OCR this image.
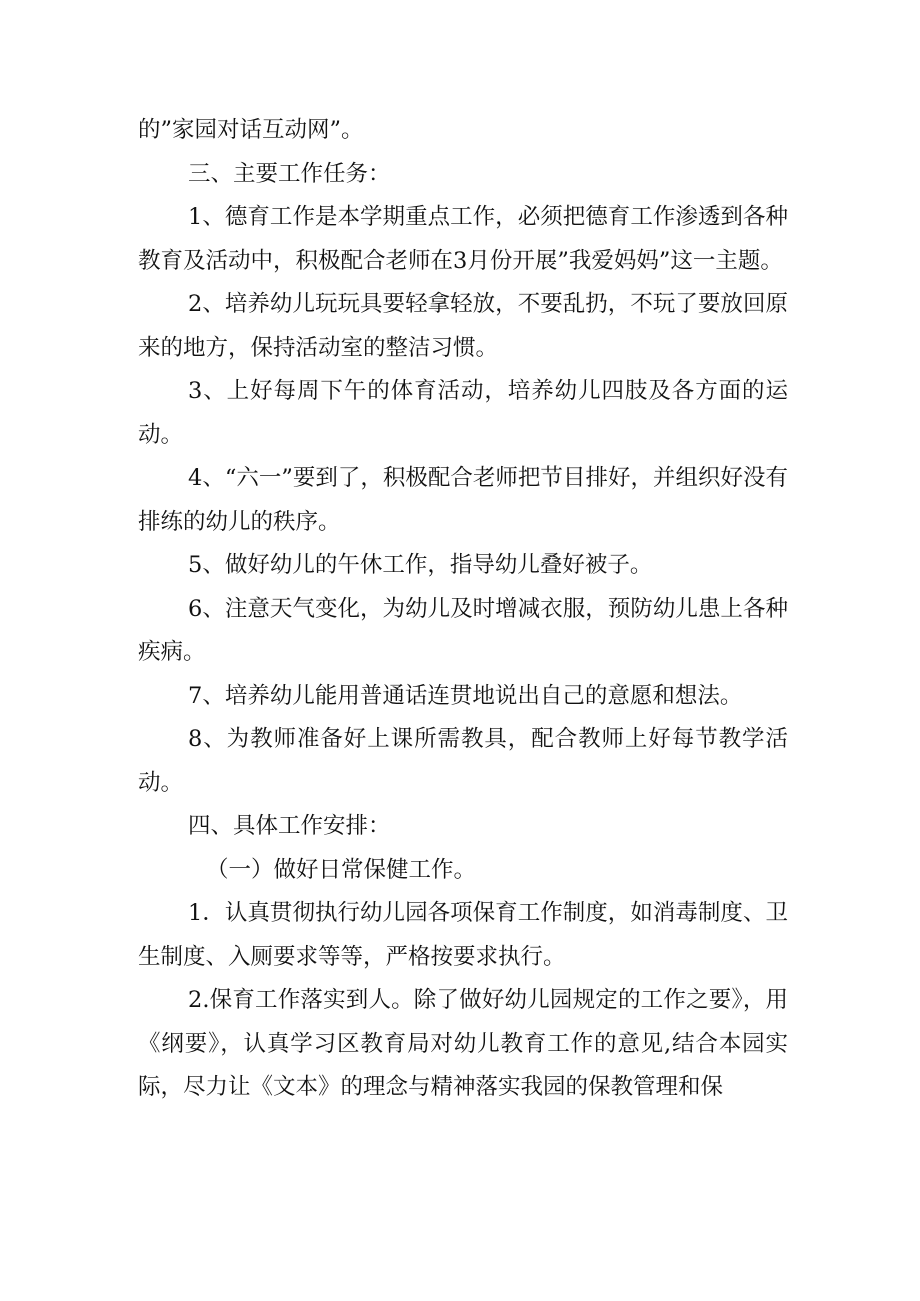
的”家园对话互动网”。

三、主要工作任务：

1、德育工作是本学期重点工作，必须把德育工作渗透到各种教育及活动中，积极配合老师在3月份开展”我爱妈妈”这一主题。

2、培养幼儿玩玩具要轻拿轻放，不要乱扔，不玩了要放回原来的地方，保持活动室的整洁习惯。

3、上好每周下午的体育活动，培养幼儿四肢及各方面的运动。

4、“六一”要到了，积极配合老师把节目排好，并组织好没有排练的幼儿的秩序。

5、做好幼儿的午休工作，指导幼儿叠好被子。

6、注意天气变化，为幼儿及时增减衣服，预防幼儿患上各种疾病。

7、培养幼儿能用普通话连贯地说出自己的意愿和想法。

8、为教师准备好上课所需教具，配合教师上好每节教学活动。

四、具体工作安排：

（一）做好日常保健工作。

1．认真贯彻执行幼儿园各项保育工作制度，如消毒制度、卫生制度、入厕要求等等，严格按要求执行。

2.保育工作落实到人。除了做好幼儿园规定的工作之要》，用《纲要》，认真学习区教育局对幼儿教育工作的意见,结合本园实际，尽力让《文本》的理念与精神落实我园的保教管理和保
